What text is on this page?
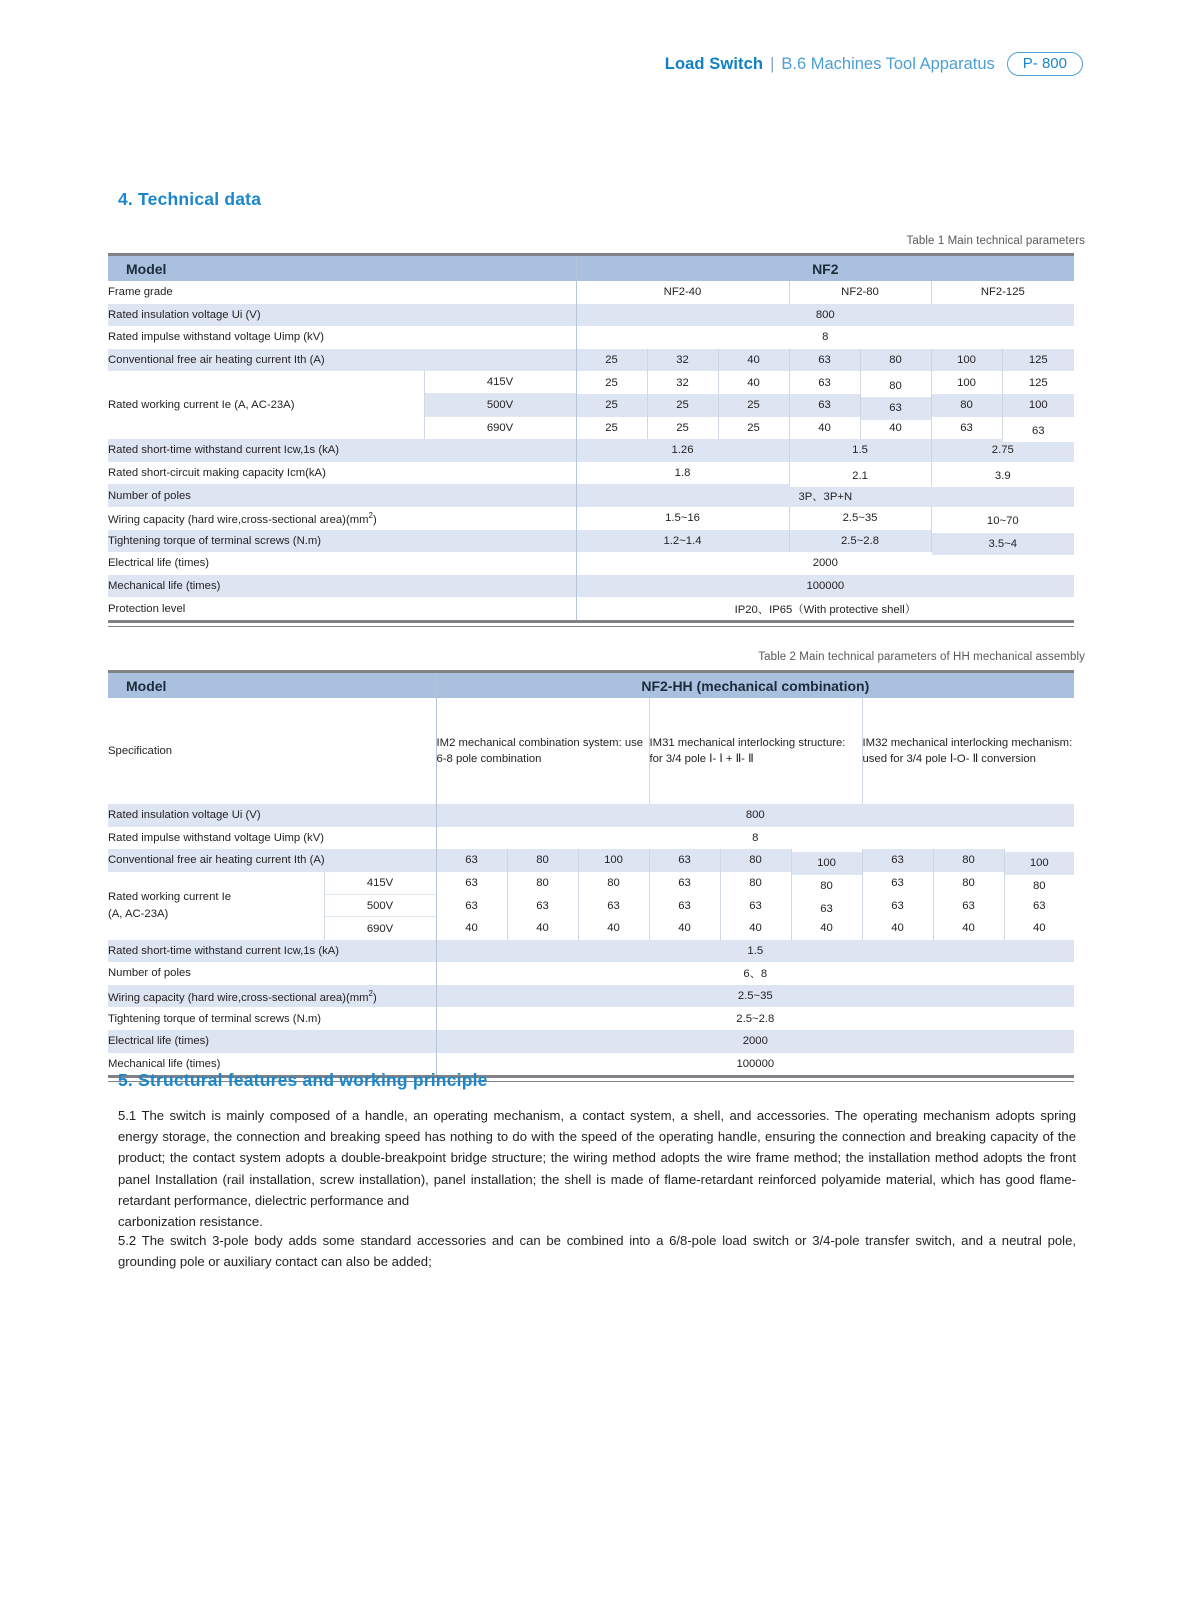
Load Switch | B.6 Machines Tool Apparatus	P- 800
4. Technical data
Table 1 Main technical parameters
Model		NF2						
Frame grade		NF2-40			NF2-80		NF2-125	
Rated insulation voltage Ui (V)		800						
Rated impulse withstand voltage Uimp (kV)		8						
Conventional free air heating current Ith (A)		25	32	40	63	80	100	125
Rated working current Ie (A, AC-23A)	415V	25	32	40	63	80	100	125
	500V	25	25	25	63	63	80	100
	690V	25	25	25	40	40	63	63
Rated short-time withstand current Icw,1s (kA)		1.26			1.5		2.75	
Rated short-circuit making capacity Icm(kA)		1.8			2.1		3.9	
Number of poles		3P、3P+N						
Wiring capacity (hard wire,cross-sectional $area)(mm^2)$		1.5~16			2.5~35		10~70	
Tightening torque of terminal screws (N.m)		1.2~1.4			2.5~2.8		3.5~4	
Electrical life (times)		2000						
Mechanical life (times)		100000						
Protection level		IP20、IP65（With protective shell）						
Table 2 Main technical parameters of HH mechanical assembly
Model		NF2-HH (mechanical combination)								
Specification		IM2 mechanical combination system: use 6-8 pole combination			IM31 mechanical interlocking structure: for 3/4 pole Ⅰ- Ⅰ + Ⅱ- Ⅱ			IM32 mechanical interlocking mechanism: used for 3/4 pole Ⅰ-O- Ⅱ conversion		
Rated insulation voltage Ui (V)		800								
Rated impulse withstand voltage Uimp (kV)		8								
Conventional free air heating current Ith (A)		63	80	100	63	80	100	63	80	100
Rated working current Ie
(A, AC-23A)	415V	63	80	80	63	80	80	63	80	80
	500V	63	63	63	63	63	63	63	63	63
	690V	40	40	40	40	40	40	40	40	40
Rated short-time withstand current Icw,1s (kA)		1.5								
Number of poles		6、8								
Wiring capacity (hard wire,cross-sectional $area)(mm^2)$		2.5~35								
Tightening torque of terminal screws (N.m)		2.5~2.8								
Electrical life (times)		2000								
Mechanical life (times)		100000								
5. Structural features and working principle
5.1 The switch is mainly composed of a handle, an operating mechanism, a contact system, a shell, and accessories. The operating mechanism adopts spring energy storage, the connection and breaking speed has nothing to do with the speed of the operating handle, ensuring the connection and breaking capacity of the product; the contact system adopts a double-breakpoint bridge structure; the wiring method adopts the wire frame method; the installation method adopts the front panel Installation (rail installation, screw installation), panel installation; the shell is made of flame-retardant reinforced polyamide material, which has good flame-retardant performance, dielectric performance and
carbonization resistance.
5.2 The switch 3-pole body adds some standard accessories and can be combined into a 6/8-pole load switch or 3/4-pole transfer switch, and a neutral pole, grounding pole or auxiliary contact can also be added;
